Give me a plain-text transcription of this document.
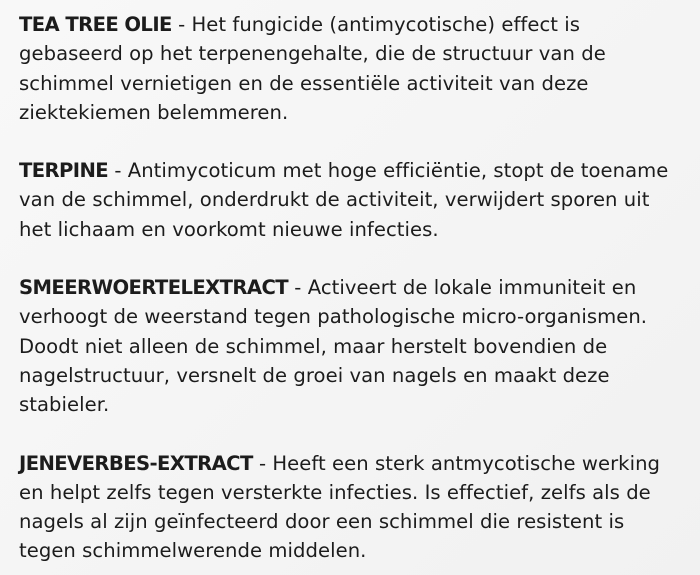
TEA TREE OLIE - Het fungicide (antimycotische) effect is gebaseerd op het terpenengehalte, die de structuur van de schimmel vernietigen en de essentiële activiteit van deze ziektekiemen belemmeren.

TERPINE - Antimycoticum met hoge efficiëntie, stopt de toename van de schimmel, onderdrukt de activiteit, verwijdert sporen uit het lichaam en voorkomt nieuwe infecties.

SMEERWOERTELEXTRACT - Activeert de lokale immuniteit en verhoogt de weerstand tegen pathologische micro-organismen. Doodt niet alleen de schimmel, maar herstelt bovendien de nagelstructuur, versnelt de groei van nagels en maakt deze stabieler.

JENEVERBES-EXTRACT - Heeft een sterk antmycotische werking en helpt zelfs tegen versterkte infecties. Is effectief, zelfs als de nagels al zijn geïnfecteerd door een schimmel die resistent is tegen schimmelwerende middelen.
